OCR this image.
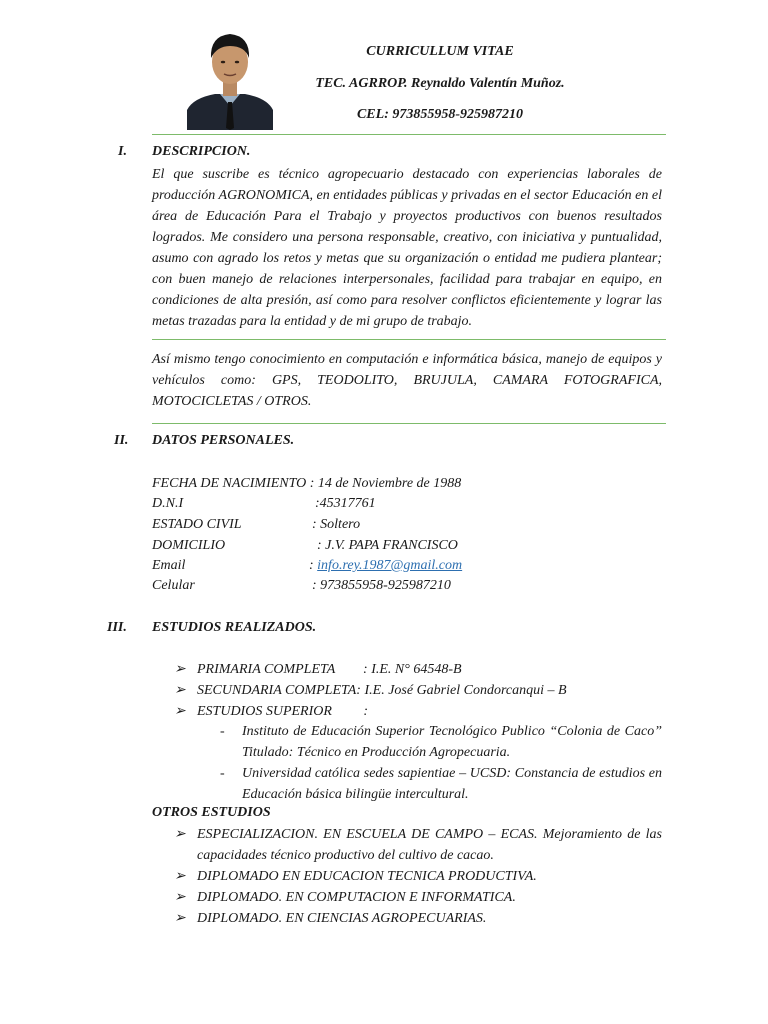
CURRICULLUM VITAE
TEC. AGRROP. Reynaldo Valentín Muñoz.
CEL: 973855958-925987210
I. DESCRIPCION.
El que suscribe es técnico agropecuario destacado con experiencias laborales de producción AGRONOMICA, en entidades públicas y privadas en el sector Educación en el área de Educación Para el Trabajo y proyectos productivos con buenos resultados logrados. Me considero una persona responsable, creativo, con iniciativa y puntualidad, asumo con agrado los retos y metas que su organización o entidad me pudiera plantear; con buen manejo de relaciones interpersonales, facilidad para trabajar en equipo, en condiciones de alta presión, así como para resolver conflictos eficientemente y lograr las metas trazadas para la entidad y de mi grupo de trabajo.
Así mismo tengo conocimiento en computación e informática básica, manejo de equipos y vehículos como: GPS, TEODOLITO, BRUJULA, CAMARA FOTOGRAFICA, MOTOCICLETAS / OTROS.
II. DATOS PERSONALES.
FECHA DE NACIMIENTO : 14 de Noviembre de 1988
D.N.I	:45317761
ESTADO CIVIL	: Soltero
DOMICILIO	: J.V. PAPA FRANCISCO
Email	: info.rey.1987@gmail.com
Celular	: 973855958-925987210
III. ESTUDIOS REALIZADOS.
➢ PRIMARIA COMPLETA        : I.E. N° 64548-B
➢ SECUNDARIA COMPLETA: I.E. José Gabriel Condorcanqui – B
➢ ESTUDIOS SUPERIOR         :
- Instituto de Educación Superior Tecnológico Publico “Colonia de Caco” Titulado: Técnico en Producción Agropecuaria.
- Universidad católica sedes sapientiae – UCSD: Constancia de estudios en Educación básica bilingüe intercultural.
OTROS ESTUDIOS
➢ ESPECIALIZACION. EN ESCUELA DE CAMPO – ECAS. Mejoramiento de las capacidades técnico productivo del cultivo de cacao.
➢ DIPLOMADO EN EDUCACION TECNICA PRODUCTIVA.
➢ DIPLOMADO. EN COMPUTACION E INFORMATICA.
➢ DIPLOMADO. EN CIENCIAS AGROPECUARIAS.
